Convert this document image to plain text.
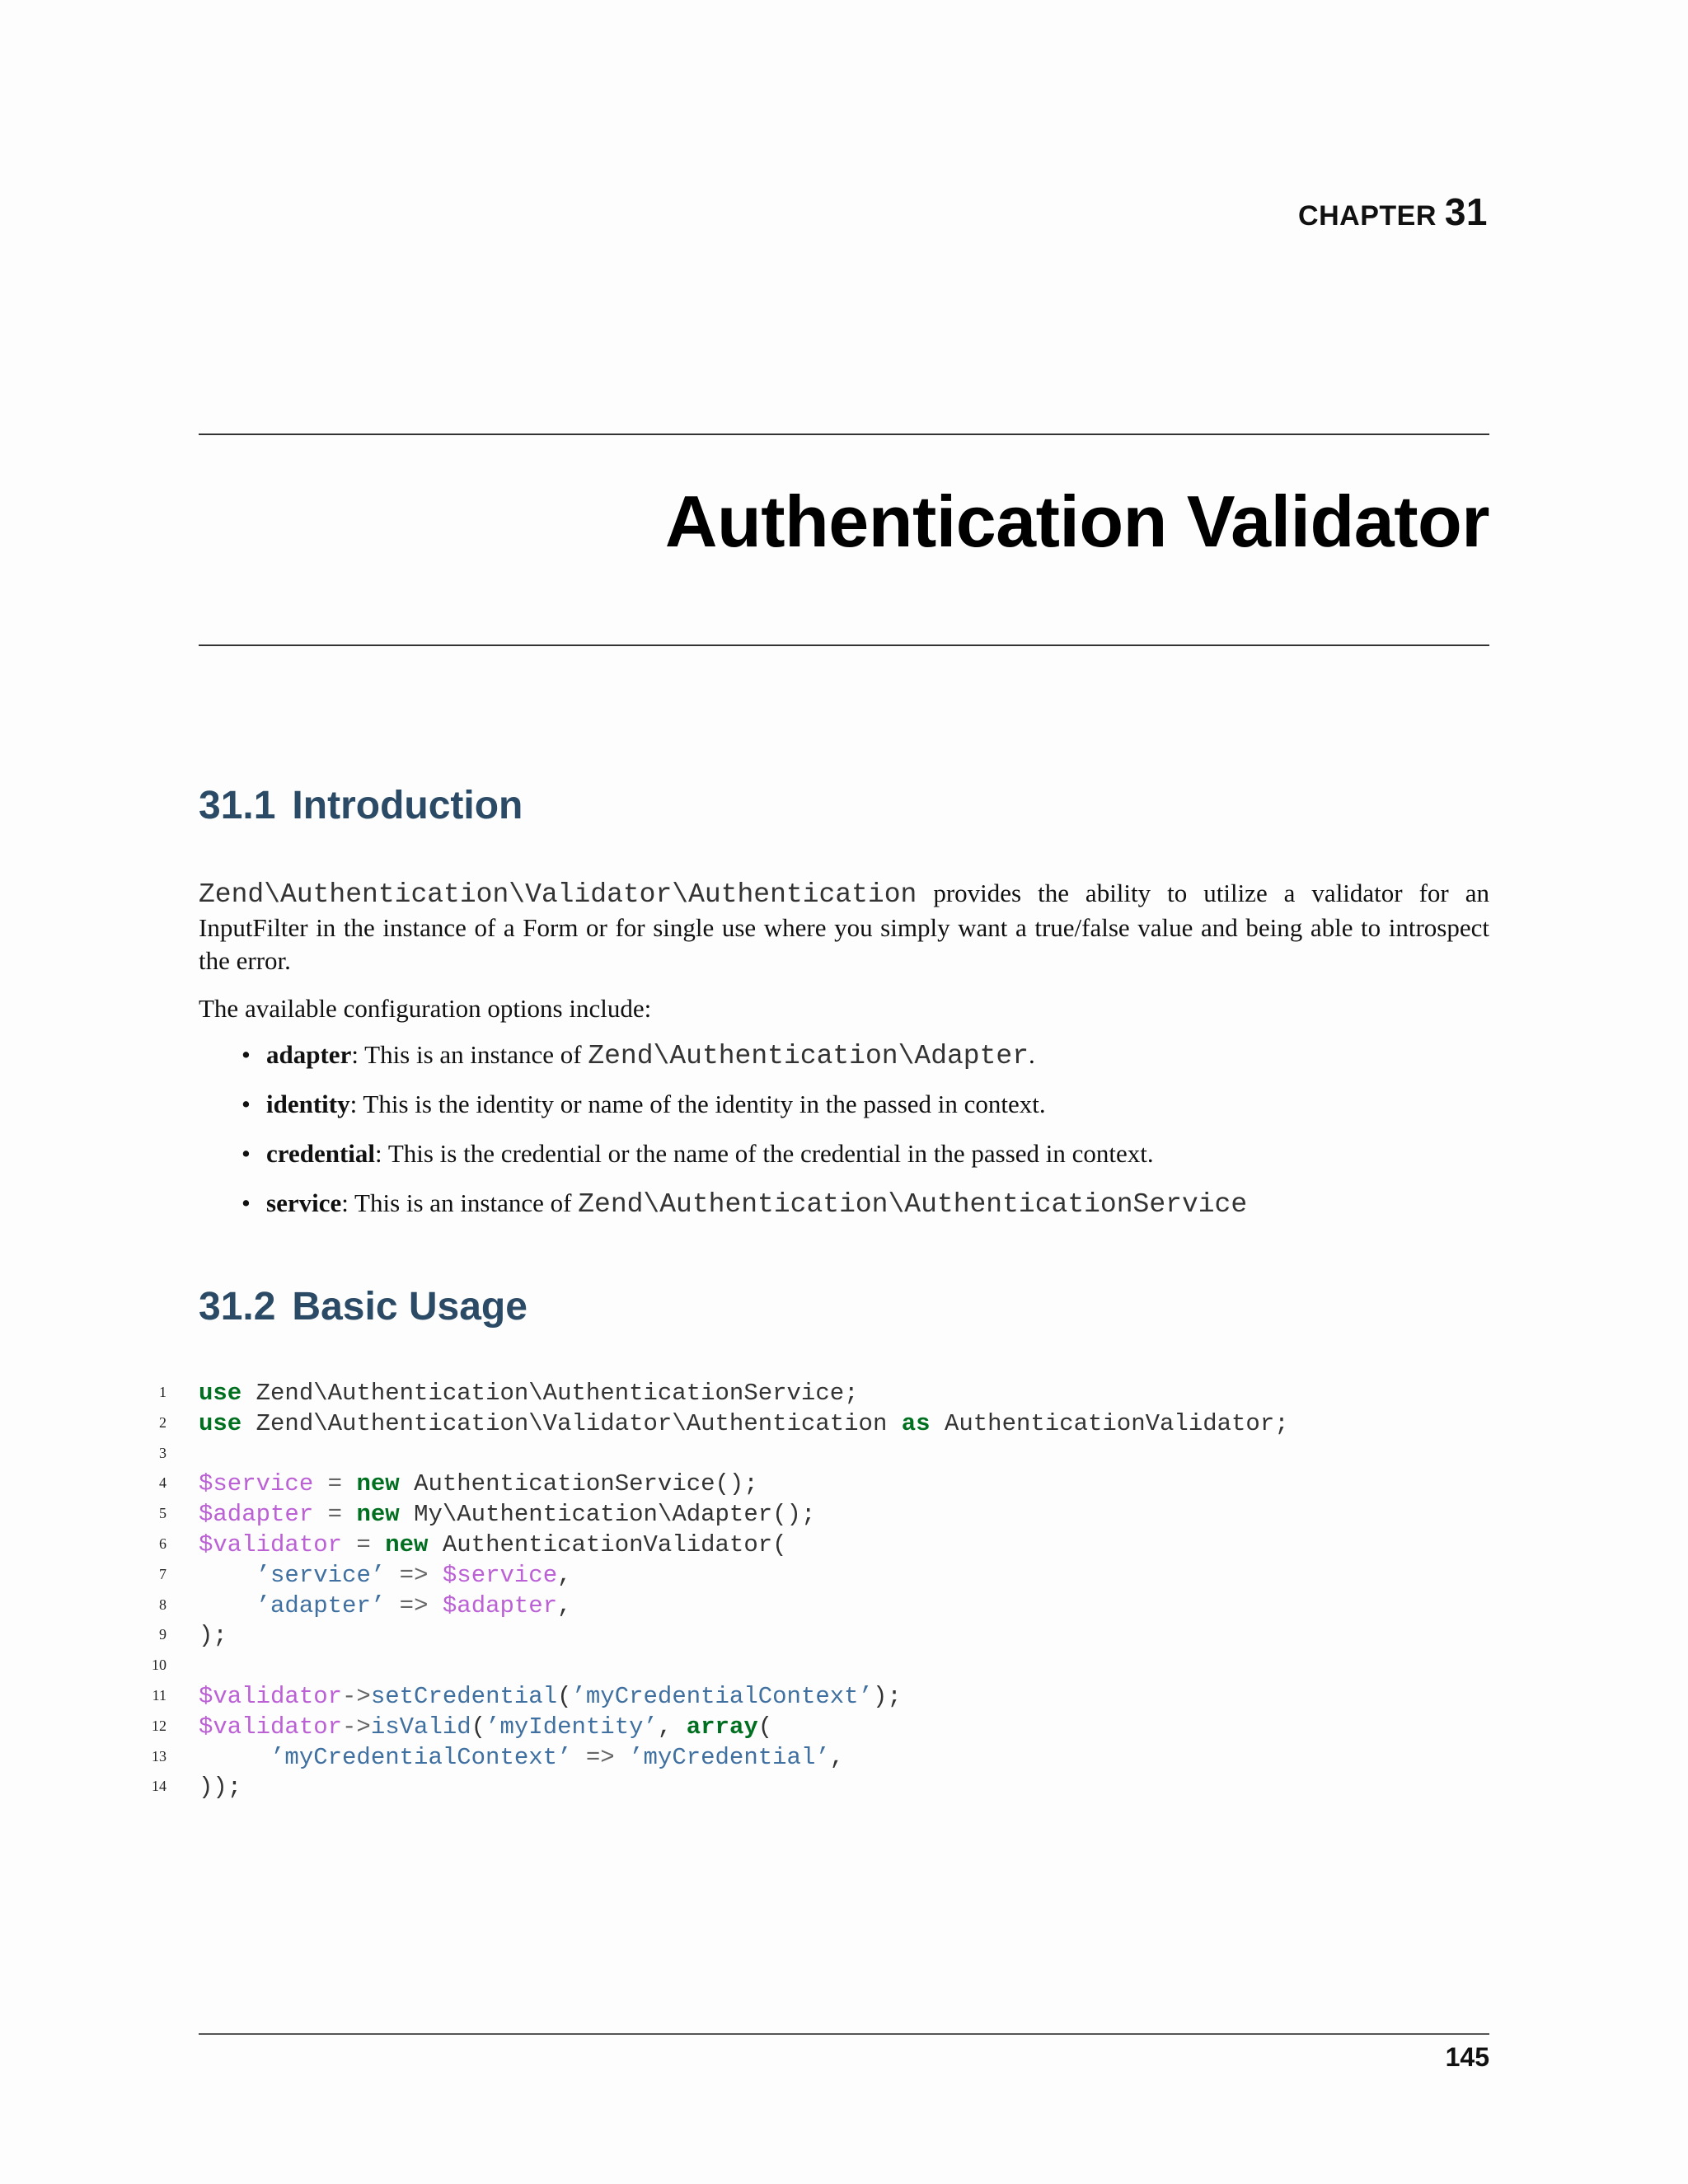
CHAPTER 31
Authentication Validator
31.1 Introduction

Zend\Authentication\Validator\Authentication provides the ability to utilize a validator for an InputFilter in the instance of a Form or for single use where you simply want a true/false value and being able to introspect the error.

The available configuration options include:

• adapter: This is an instance of Zend\Authentication\Adapter.
• identity: This is the identity or name of the identity in the passed in context.
• credential: This is the credential or the name of the credential in the passed in context.
• service: This is an instance of Zend\Authentication\AuthenticationService
31.2 Basic Usage
1 use Zend\Authentication\AuthenticationService;
2 use Zend\Authentication\Validator\Authentication as AuthenticationValidator;
3
4 $service = new AuthenticationService();
5 $adapter = new My\Authentication\Adapter();
6 $validator = new AuthenticationValidator(
7	’service’ => $service,
8	’adapter’ => $adapter,
9 );
10
11 $validator->setCredential(’myCredentialContext’);
12 $validator->isValid(’myIdentity’, array(
13	’myCredentialContext’ => ’myCredential’,
14 ));
145
